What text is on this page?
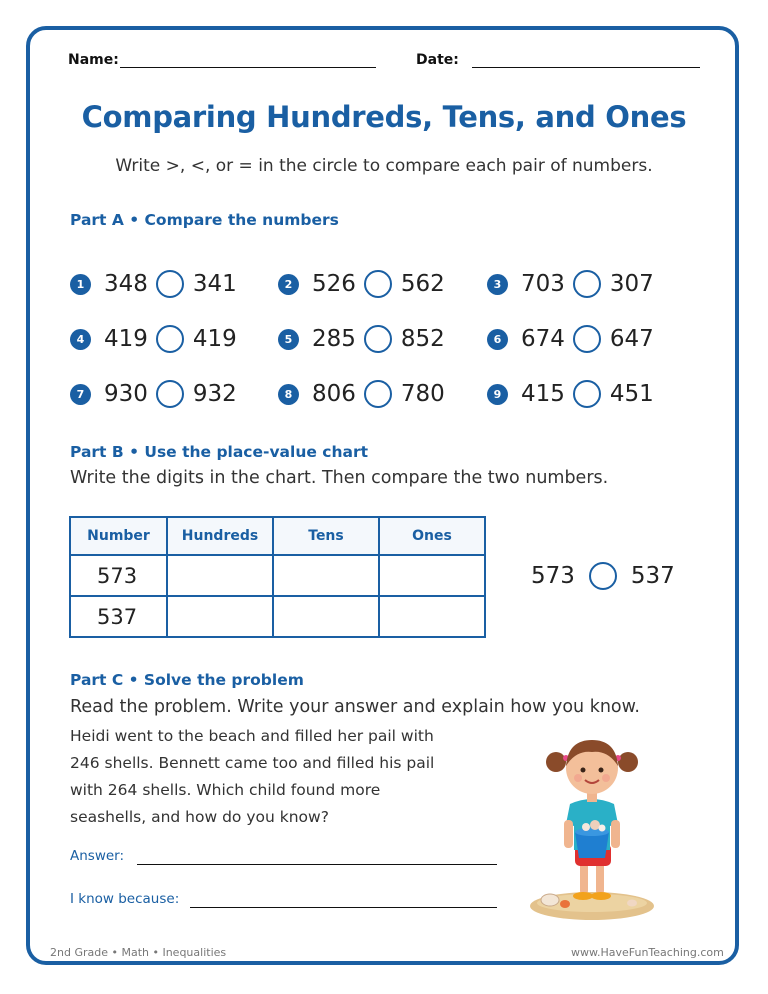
Name:	Date:
Comparing Hundreds, Tens, and Ones
Write >, <, or = in the circle to compare each pair of numbers.
Part A • Compare the numbers
1 348 341	2 526 562	3 703 307
4 419 419	5 285 852	6 674 647
7 930 932	8 806 780	9 415 451
Part B • Use the place-value chart
Write the digits in the chart. Then compare the two numbers.
Number	Hundreds	Tens	Ones
573			
537			
573 537
Part C • Solve the problem
Read the problem. Write your answer and explain how you know.
Heidi went to the beach and filled her pail with
246 shells. Bennett came too and filled his pail
with 264 shells. Which child found more
seashells, and how do you know?
Answer:
I know because:
2nd Grade • Math • Inequalities	www.HaveFunTeaching.com
